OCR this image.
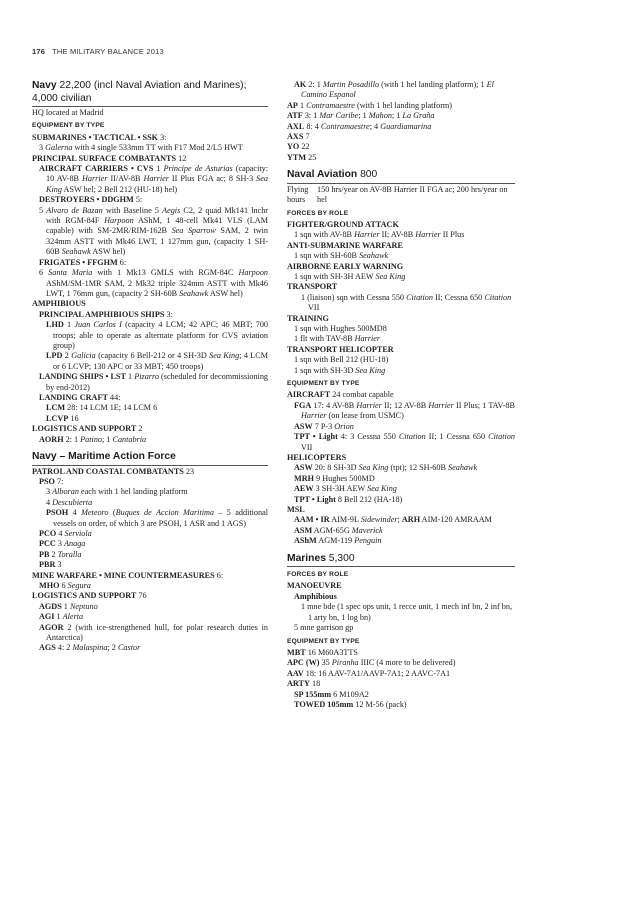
176 THE MILITARY BALANCE 2013
Navy 22,200 (incl Naval Aviation and Marines); 4,000 civilian
HQ located at Madrid
EQUIPMENT BY TYPE
SUBMARINES • TACTICAL • SSK 3:
3 Galerna with 4 single 533mm TT with F17 Mod 2/L5 HWT
PRINCIPAL SURFACE COMBATANTS 12
AIRCRAFT CARRIERS • CVS 1 Principe de Asturias (capacity: 10 AV-8B Harrier II/AV-8B Harrier II Plus FGA ac; 8 SH-3 Sea King ASW hel; 2 Bell 212 (HU-18) hel)
DESTROYERS • DDGHM 5:
5 Alvaro de Bazan with Baseline 5 Aegis C2, 2 quad Mk141 lnchr with RGM-84F Harpoon AShM, 1 48-cell Mk41 VLS (LAM capable) with SM-2MR/RIM-162B Sea Sparrow SAM, 2 twin 324mm ASTT with Mk46 LWT, 1 127mm gun, (capacity 1 SH-60B Seahawk ASW hel)
FRIGATES • FFGHM 6:
6 Santa Maria with 1 Mk13 GMLS with RGM-84C Harpoon AShM/SM-1MR SAM, 2 Mk32 triple 324mm ASTT with Mk46 LWT, 1 76mm gun, (capacity 2 SH-60B Seahawk ASW hel)
AMPHIBIOUS
PRINCIPAL AMPHIBIOUS SHIPS 3:
LHD 1 Juan Carlos I (capacity 4 LCM; 42 APC; 46 MBT; 700 troops; able to operate as alternate platform for CVS aviation group)
LPD 2 Galicia (capacity 6 Bell-212 or 4 SH-3D Sea King; 4 LCM or 6 LCVP; 130 APC or 33 MBT; 450 troops)
LANDING SHIPS • LST 1 Pizarro (scheduled for decommissioning by end-2012)
LANDING CRAFT 44:
LCM 28: 14 LCM 1E; 14 LCM 6
LCVP 16
LOGISTICS AND SUPPORT 2
AORH 2: 1 Patino; 1 Cantabria
Navy – Maritime Action Force
PATROL AND COASTAL COMBATANTS 23
PSO 7:
3 Alboran each with 1 hel landing platform
4 Descubierta
PSOH 4 Meteoro (Buques de Accion Maritima – 5 additional vessels on order, of which 3 are PSOH, 1 ASR and 1 AGS)
PCO 4 Serviola
PCC 3 Anaga
PB 2 Toralla
PBR 3
MINE WARFARE • MINE COUNTERMEASURES 6:
MHO 6 Segura
LOGISTICS AND SUPPORT 76
AGDS 1 Neptuno
AGI 1 Alerta
AGOR 2 (with ice-strengthened hull, for polar research duties in Antarctica)
AGS 4: 2 Malaspina; 2 Castor
AK 2: 1 Martin Posadillo (with 1 hel landing platform); 1 El Camino Espanol
AP 1 Contramaestre (with 1 hel landing platform)
ATF 3: 1 Mar Caribe; 1 Mahon; 1 La Graña
AXL 8: 4 Contramaestre; 4 Guardiamarina
AXS 7
YO 22
YTM 25
Naval Aviation 800
Flying hours
150 hrs/year on AV-8B Harrier II FGA ac; 200 hrs/year on hel
FORCES BY ROLE
FIGHTER/GROUND ATTACK
1 sqn with AV-8B Harrier II; AV-8B Harrier II Plus
ANTI-SUBMARINE WARFARE
1 sqn with SH-60B Seahawk
AIRBORNE EARLY WARNING
1 sqn with SH-3H AEW Sea King
TRANSPORT
1 (liaison) sqn with Cessna 550 Citation II; Cessna 650 Citation VII
TRAINING
1 sqn with Hughes 500MD8
1 flt with TAV-8B Harrier
TRANSPORT HELICOPTER
1 sqn with Bell 212 (HU-18)
1 sqn with SH-3D Sea King
EQUIPMENT BY TYPE
AIRCRAFT 24 combat capable
FGA 17: 4 AV-8B Harrier II; 12 AV-8B Harrier II Plus; 1 TAV-8B Harrier (on lease from USMC)
ASW 7 P-3 Orion
TPT • Light 4: 3 Cessna 550 Citation II; 1 Cessna 650 Citation VII
HELICOPTERS
ASW 20: 8 SH-3D Sea King (tpt); 12 SH-60B Seahawk
MRH 9 Hughes 500MD
AEW 3 SH-3H AEW Sea King
TPT • Light 8 Bell 212 (HA-18)
MSL
AAM • IR AIM-9L Sidewinder; ARH AIM-120 AMRAAM
ASM AGM-65G Maverick
AShM AGM-119 Penguin
Marines 5,300
FORCES BY ROLE
MANOEUVRE
Amphibious
1 mne bde (1 spec ops unit, 1 recce unit, 1 mech inf bn, 2 inf bn, 1 arty bn, 1 log bn)
5 mne garrison gp
EQUIPMENT BY TYPE
MBT 16 M60A3TTS
APC (W) 35 Piranha IIIC (4 more to be delivered)
AAV 18: 16 AAV-7A1/AAVP-7A1; 2 AAVC-7A1
ARTY 18
SP 155mm 6 M109A2
TOWED 105mm 12 M-56 (pack)
